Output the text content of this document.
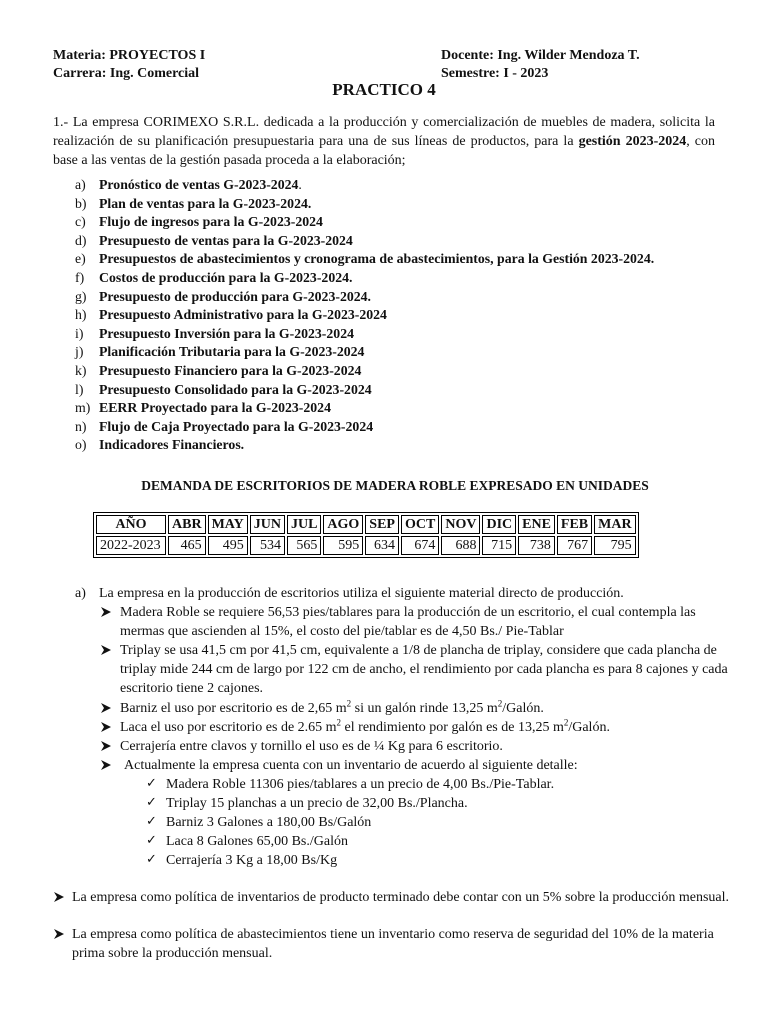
Materia: PROYECTOS I
Carrera: Ing. Comercial
Docente: Ing. Wilder Mendoza T.
Semestre: I - 2023
PRACTICO 4
1.- La empresa CORIMEXO S.R.L. dedicada a la producción y comercialización de muebles de madera, solicita la realización de su planificación presupuestaria para una de sus líneas de productos, para la gestión 2023-2024, con base a las ventas de la gestión pasada proceda a la elaboración;
a) Pronóstico de ventas G-2023-2024.
b) Plan de ventas para la G-2023-2024.
c) Flujo de ingresos para la G-2023-2024
d) Presupuesto de ventas para la G-2023-2024
e) Presupuestos de abastecimientos y cronograma de abastecimientos, para la Gestión 2023-2024.
f) Costos de producción para la G-2023-2024.
g) Presupuesto de producción para G-2023-2024.
h) Presupuesto Administrativo para la G-2023-2024
i) Presupuesto Inversión para la G-2023-2024
j) Planificación Tributaria para la G-2023-2024
k) Presupuesto Financiero para la G-2023-2024
l) Presupuesto Consolidado para la G-2023-2024
m) EERR Proyectado para la G-2023-2024
n) Flujo de Caja Proyectado para la G-2023-2024
o) Indicadores Financieros.
DEMANDA DE ESCRITORIOS DE MADERA ROBLE EXPRESADO EN UNIDADES
AÑO	ABR	MAY	JUN	JUL	AGO	SEP	OCT	NOV	DIC	ENE	FEB	MAR
2022-2023	465	495	534	565	595	634	674	688	715	738	767	795
a) La empresa en la producción de escritorios utiliza el siguiente material directo de producción.
Madera Roble se requiere 56,53 pies/tablares para la producción de un escritorio, el cual contempla las
mermas que ascienden al 15%, el costo del pie/tablar es de 4,50 Bs./ Pie-Tablar
Triplay se usa 41,5 cm por 41,5 cm, equivalente a 1/8 de plancha de triplay, considere que cada plancha de
triplay mide 244 cm de largo por 122 cm de ancho, el rendimiento por cada plancha es para 8 cajones y cada
escritorio tiene 2 cajones.
Barniz el uso por escritorio es de 2,65 $m^2$ si un galón rinde 13,25 $m^2$/Galón.
Laca el uso por escritorio es de 2.65 $m^2$ el rendimiento por galón es de 13,25 $m^2$/Galón.
Cerrajería entre clavos y tornillo el uso es de ¼ Kg para 6 escritorio.
Actualmente la empresa cuenta con un inventario de acuerdo al siguiente detalle:
✓ Madera Roble 11306 pies/tablares a un precio de 4,00 Bs./Pie-Tablar.
✓ Triplay 15 planchas a un precio de 32,00 Bs./Plancha.
✓ Barniz 3 Galones a 180,00 Bs/Galón
✓ Laca 8 Galones 65,00 Bs./Galón
✓ Cerrajería 3 Kg a 18,00 Bs/Kg
La empresa como política de inventarios de producto terminado debe contar con un 5% sobre la producción mensual.
La empresa como política de abastecimientos tiene un inventario como reserva de seguridad del 10% de la materia
prima sobre la producción mensual.
